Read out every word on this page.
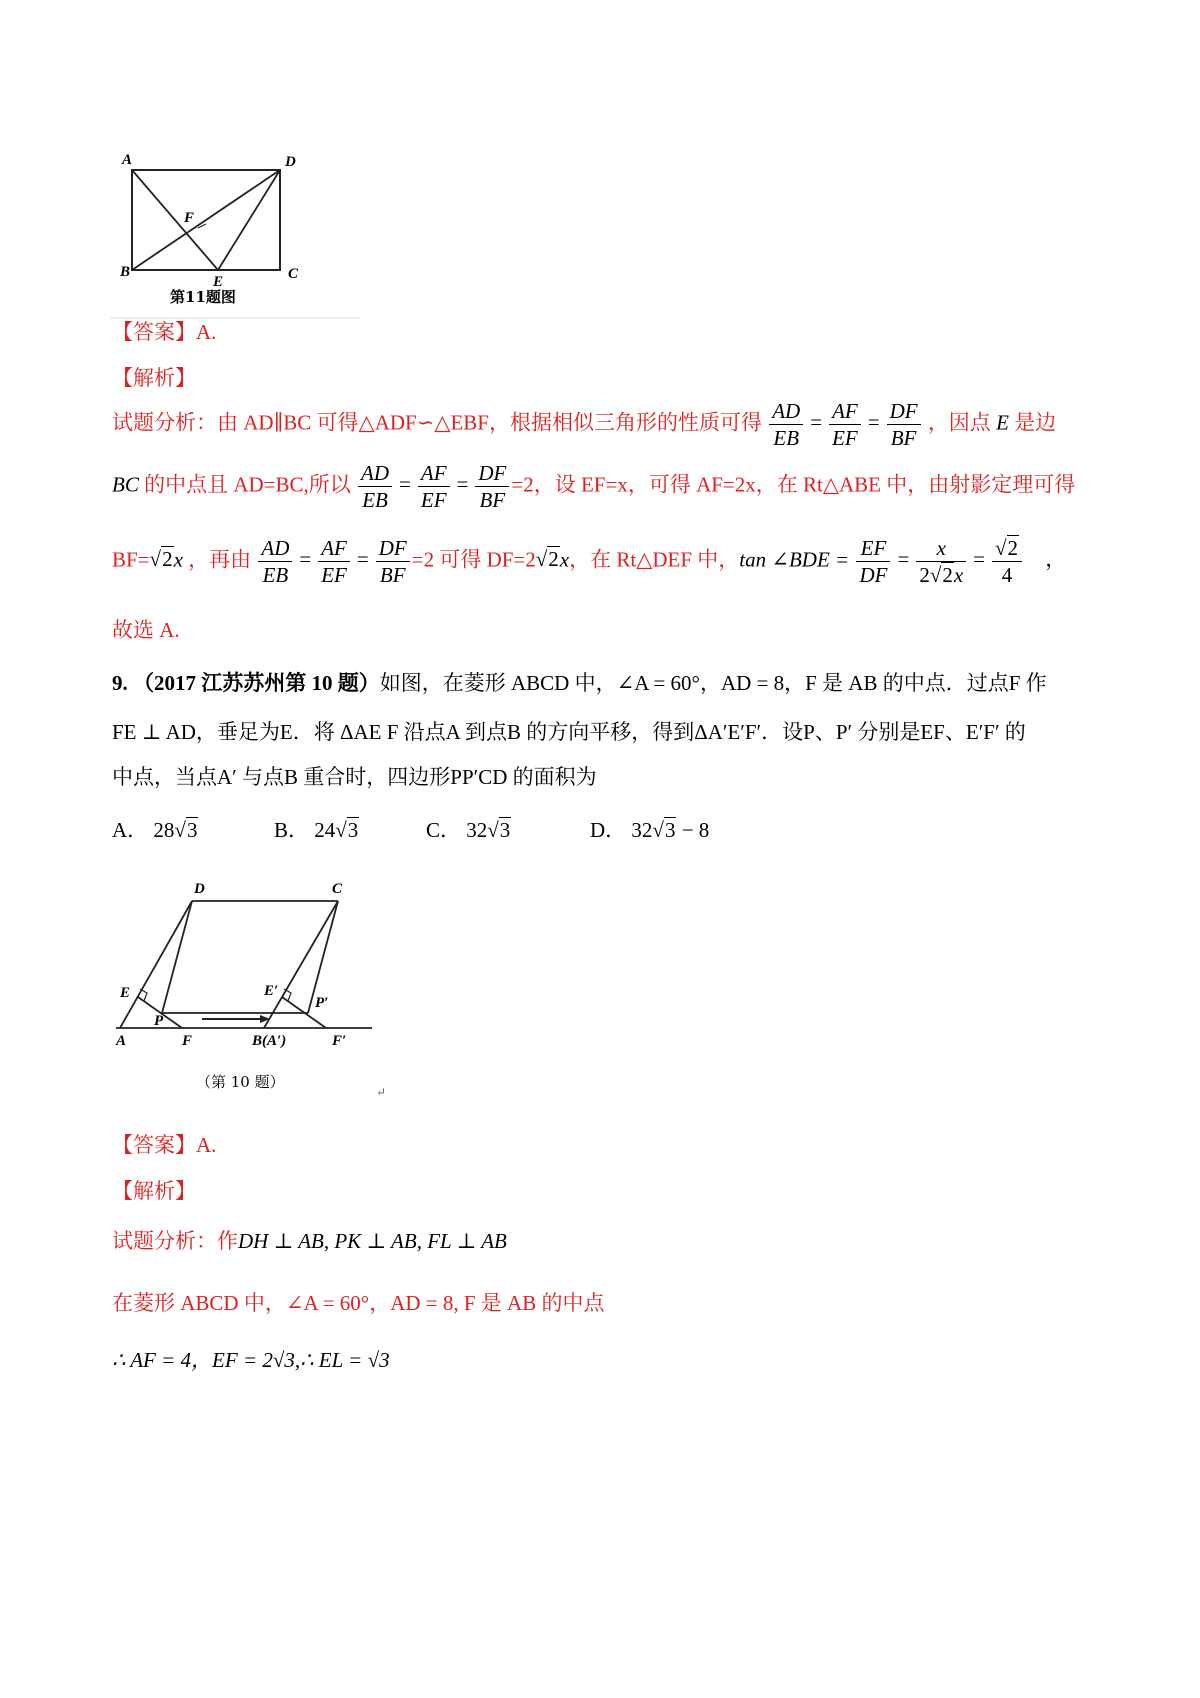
A	D
B	C
E
F
第11题图
【答案】A.
【解析】
试题分析：由 AD∥BC 可得△ADF∽△EBF，根据相似三角形的性质可得 $\frac{AD}{EB} = \frac{AF}{EF} = \frac{DF}{BF}$ ，因点 E 是边
BC 的中点且 AD=BC,所以 $\frac{AD}{EB} = \frac{AF}{EF} = \frac{DF}{BF} =2$，设 EF=x，可得 AF=2x，在 Rt△ABE 中，由射影定理可得
BF=√2x ，再由 $\frac{AD}{EB} = \frac{AF}{EF} = \frac{DF}{BF} =2$ 可得 DF=2√2x，在 Rt△DEF 中，tan ∠BDE = $\frac{EF}{DF} = \frac{x}{2√2x} = \frac{√2}{4}$ ，
故选 A.
9. （2017 江苏苏州第 10 题）如图，在菱形 ABCD 中，∠A = 60°，AD = 8，F 是 AB 的中点．过点F 作
FE ⊥ AD，垂足为E．将 ΔAE F 沿点A 到点B 的方向平移，得到ΔA′E′F′．设P、P′ 分别是EF、E′F′ 的
中点，当点A′ 与点B 重合时，四边形PP′CD 的面积为
A． 28√3	B． 24√3	C． 32√3	D． 32√3 − 8
D	C
E
P
E′
P′
A	F	B(A′)	F′
（第 10 题）
↵
【答案】A.
【解析】
试题分析：作DH ⊥ AB, PK ⊥ AB, FL ⊥ AB
在菱形 ABCD 中，∠A = 60°，AD = 8, F 是 AB 的中点
∴ AF = 4，EF = 2√3,∴ EL = √3
